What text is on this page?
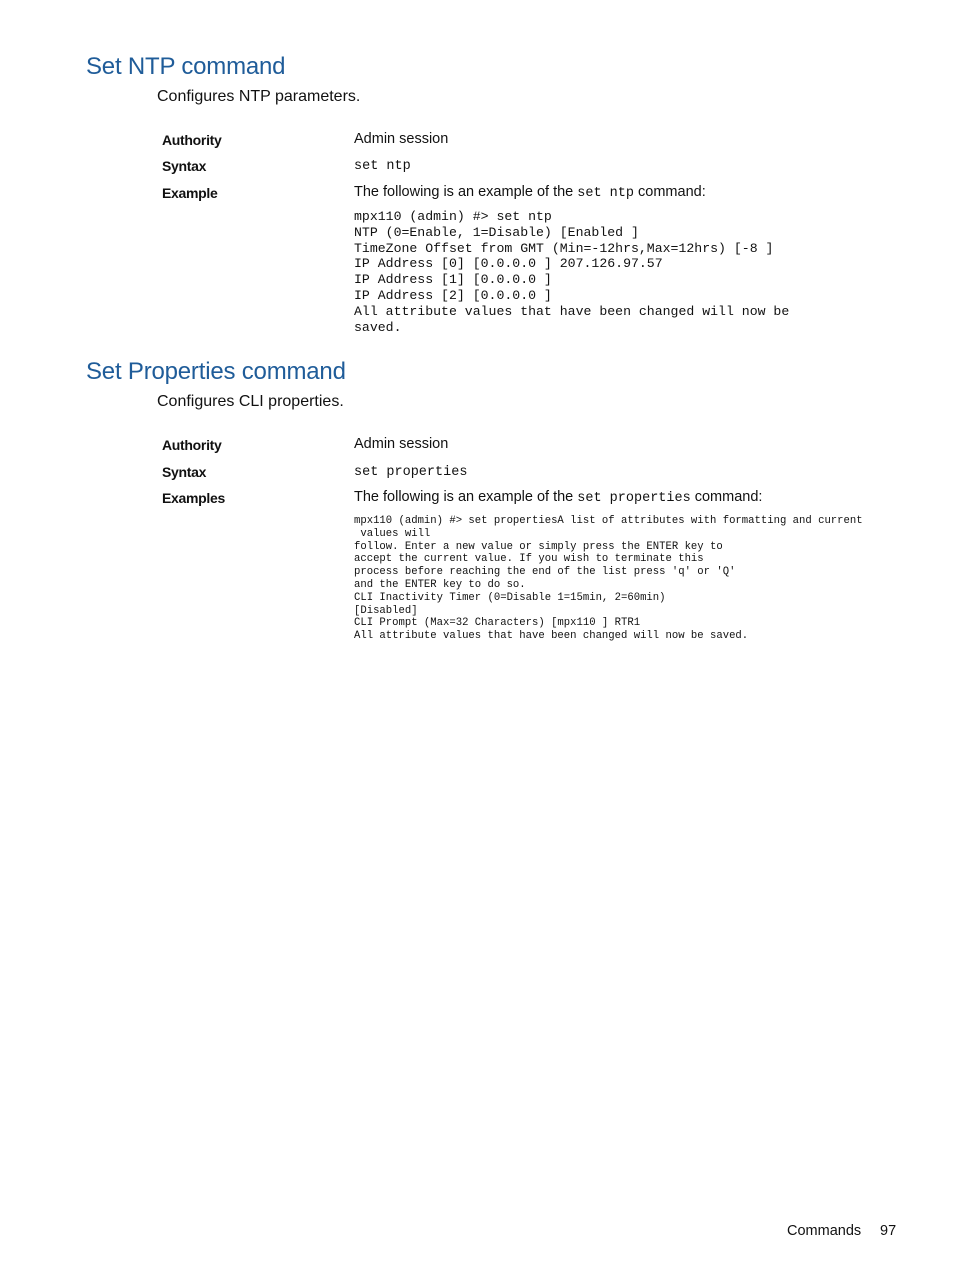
Set NTP command

Configures NTP parameters.

Authority	Admin session
Syntax	set ntp
Example	The following is an example of the set ntp command:
mpx110 (admin) #> set ntp
NTP (0=Enable, 1=Disable) [Enabled ]
TimeZone Offset from GMT (Min=-12hrs,Max=12hrs) [-8 ]
IP Address [0] [0.0.0.0 ] 207.126.97.57
IP Address [1] [0.0.0.0 ]
IP Address [2] [0.0.0.0 ]
All attribute values that have been changed will now be
saved.
Set Properties command

Configures CLI properties.

Authority	Admin session
Syntax	set properties
Examples	The following is an example of the set properties command:
mpx110 (admin) #> set propertiesA list of attributes with formatting and current
values will
follow. Enter a new value or simply press the ENTER key to
accept the current value. If you wish to terminate this
process before reaching the end of the list press 'q' or 'Q'
and the ENTER key to do so.
CLI Inactivity Timer (0=Disable 1=15min, 2=60min)
[Disabled]
CLI Prompt (Max=32 Characters) [mpx110 ] RTR1
All attribute values that have been changed will now be saved.
Commands 97
